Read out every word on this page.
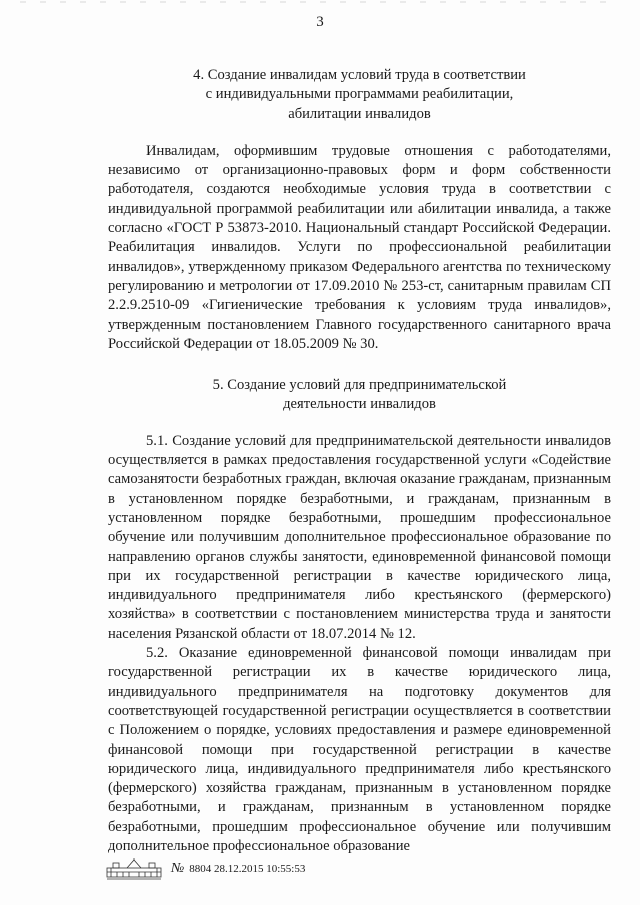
3
4. Создание инвалидам условий труда в соответствии
с индивидуальными программами реабилитации,
абилитации инвалидов

Инвалидам, оформившим трудовые отношения с работодателями, независимо от организационно-правовых форм и форм собственности работодателя, создаются необходимые условия труда в соответствии с индивидуальной программой реабилитации или абилитации инвалида, а также согласно «ГОСТ Р 53873-2010. Национальный стандарт Российской Федерации. Реабилитация инвалидов. Услуги по профессиональной реабилитации инвалидов», утвержденному приказом Федерального агентства по техническому регулированию и метрологии от 17.09.2010 № 253-ст, санитарным правилам СП 2.2.9.2510-09 «Гигиенические требования к условиям труда инвалидов», утвержденным постановлением Главного государственного санитарного врача Российской Федерации от 18.05.2009 № 30.

5. Создание условий для предпринимательской
деятельности инвалидов

5.1. Создание условий для предпринимательской деятельности инвалидов осуществляется в рамках предоставления государственной услуги «Содействие самозанятости безработных граждан, включая оказание гражданам, признанным в установленном порядке безработными, и гражданам, признанным в установленном порядке безработными, прошедшим профессиональное обучение или получившим дополнительное профессиональное образование по направлению органов службы занятости, единовременной финансовой помощи при их государственной регистрации в качестве юридического лица, индивидуального предпринимателя либо крестьянского (фермерского) хозяйства» в соответствии с постановлением министерства труда и занятости населения Рязанской области от 18.07.2014 № 12.

5.2. Оказание единовременной финансовой помощи инвалидам при государственной регистрации их в качестве юридического лица, индивидуального предпринимателя на подготовку документов для соответствующей государственной регистрации осуществляется в соответствии с Положением о порядке, условиях предоставления и размере единовременной финансовой помощи при государственной регистрации в качестве юридического лица, индивидуального предпринимателя либо крестьянского (фермерского) хозяйства гражданам, признанным в установленном порядке безработными, и гражданам, признанным в установленном порядке безработными, прошедшим профессиональное обучение или получившим дополнительное профессиональное образование

№ 8804 28.12.2015 10:55:53
